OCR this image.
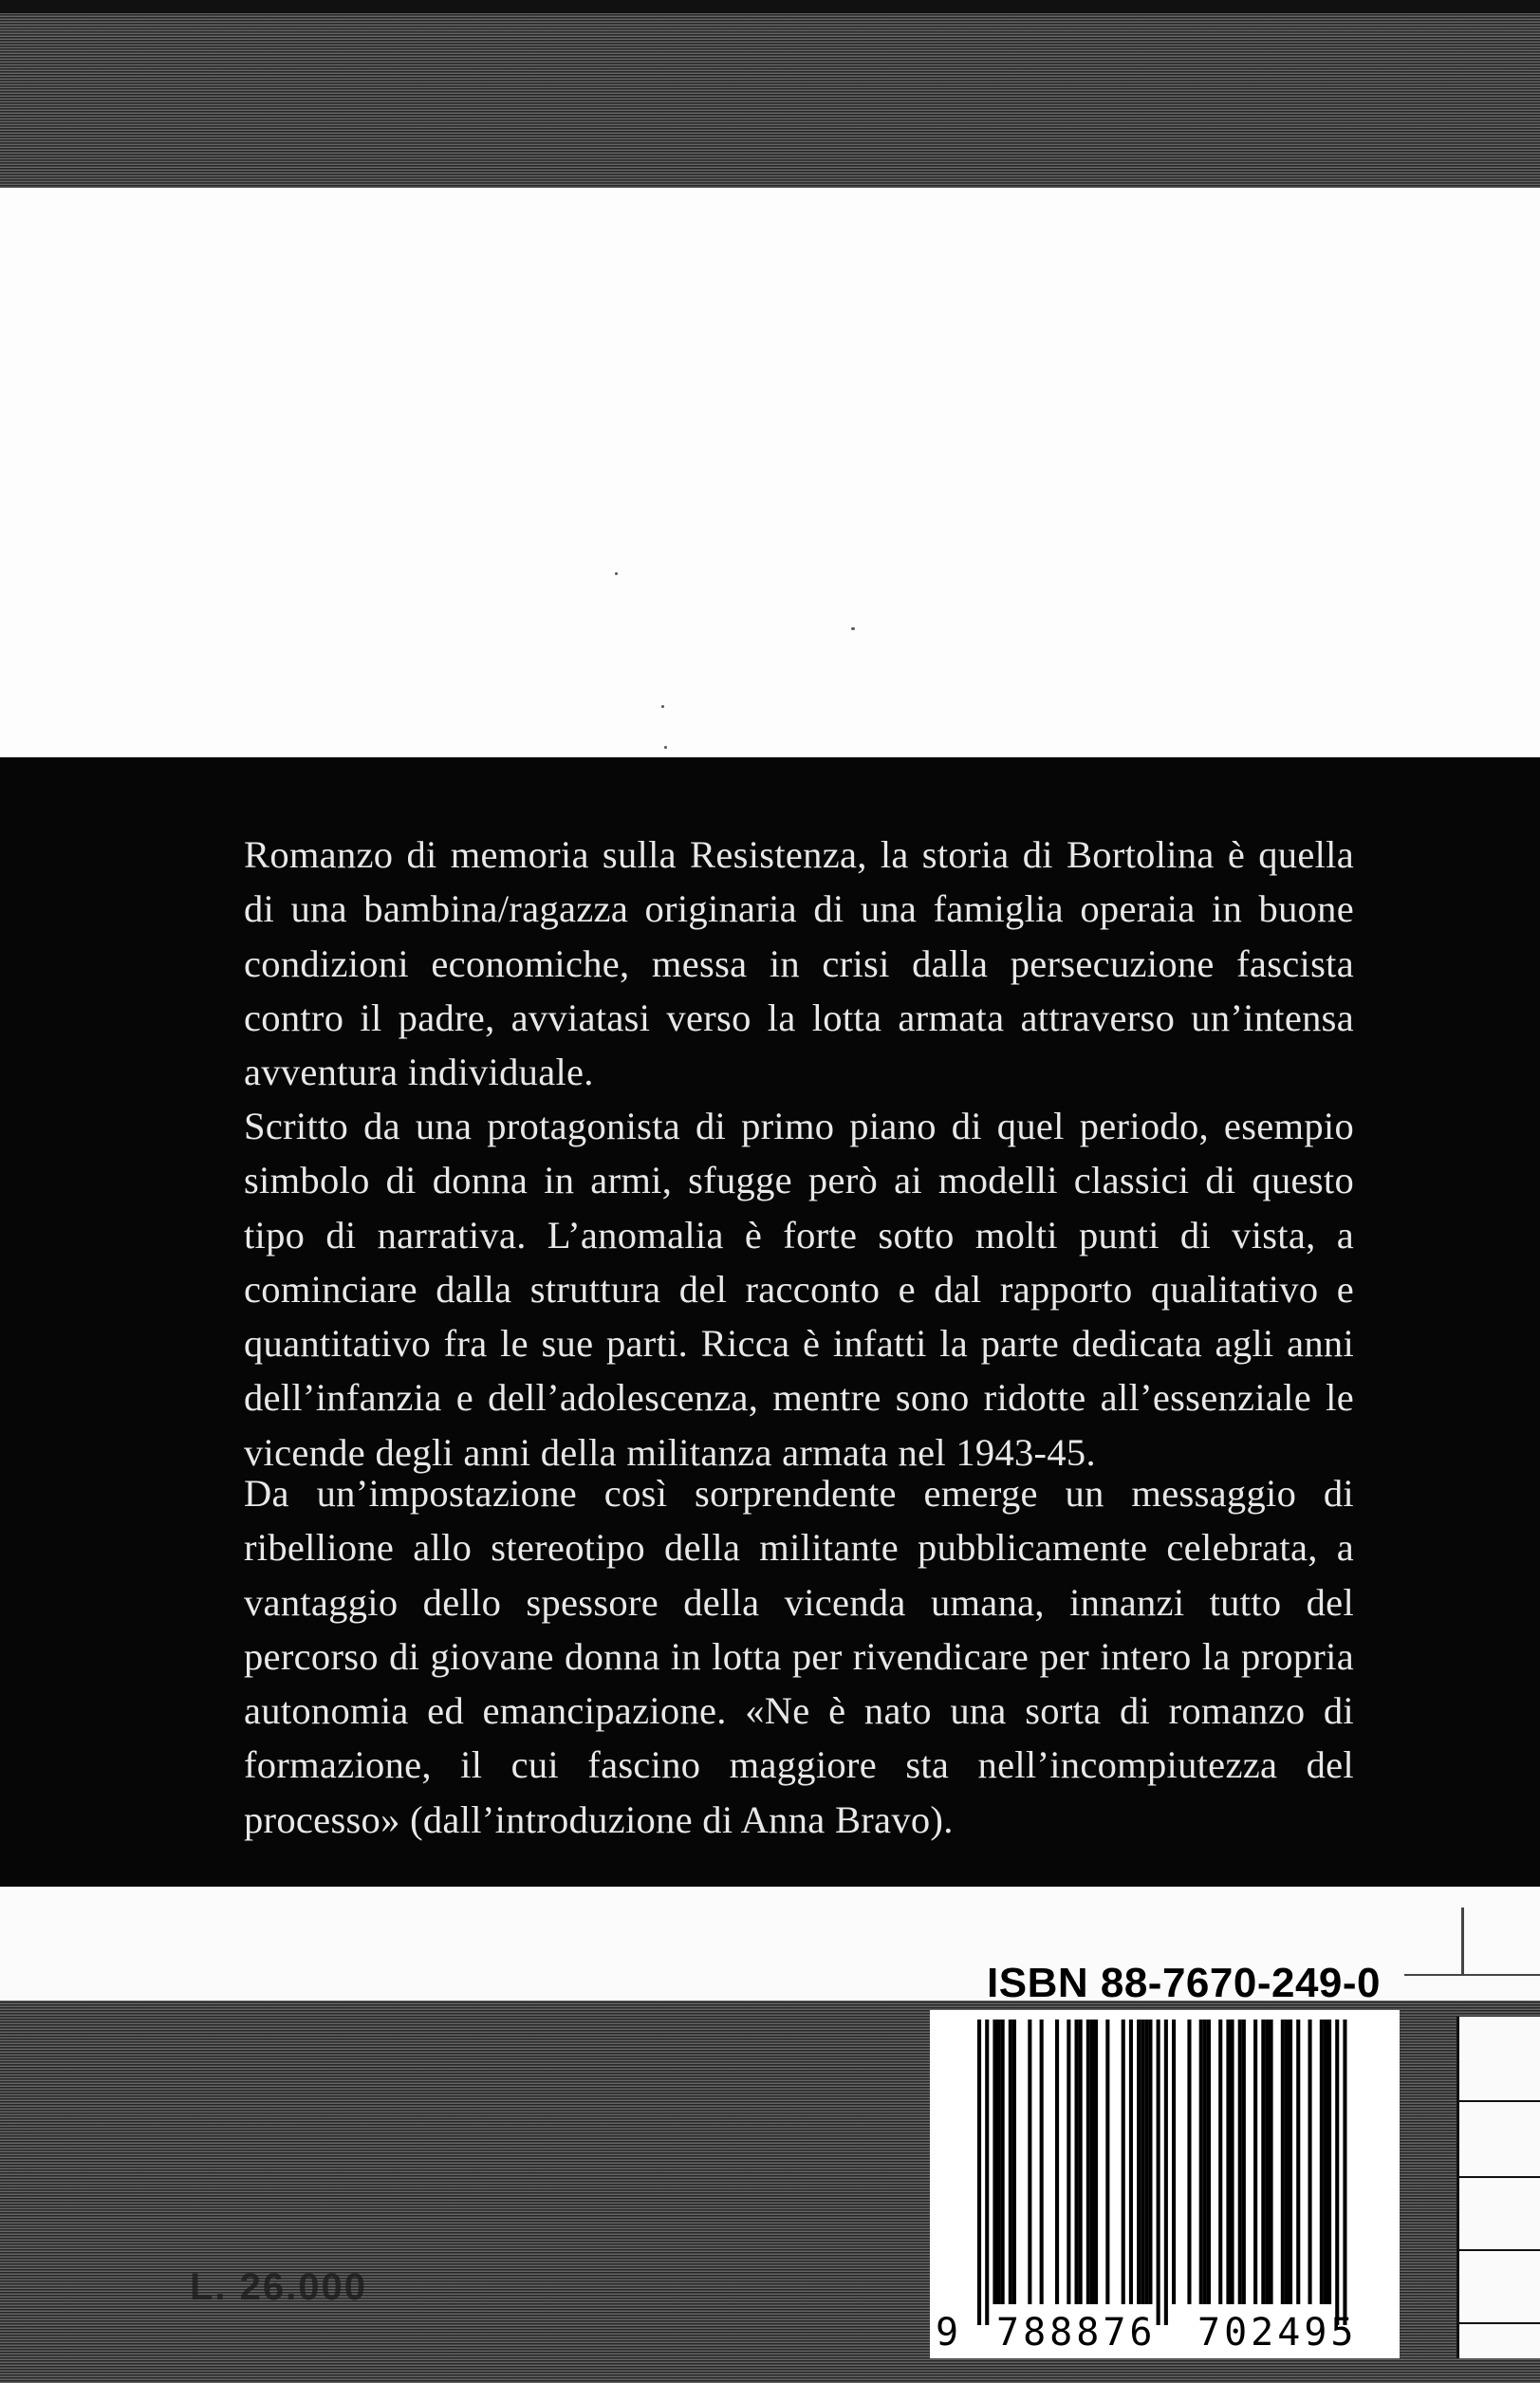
Romanzo di memoria sulla Resistenza, la storia di Bortolina è quella di una bambina/ragazza originaria di una famiglia operaia in buone condizioni economiche, messa in crisi dalla persecuzione fascista contro il padre, avviatasi verso la lotta armata attraverso un’intensa avventura individuale.

Scritto da una protagonista di primo piano di quel periodo, esempio simbolo di donna in armi, sfugge però ai modelli classici di questo tipo di narrativa. L’anomalia è forte sotto molti punti di vista, a cominciare dalla struttura del racconto e dal rapporto qualitativo e quantitativo fra le sue parti. Ricca è infatti la parte dedicata agli anni dell’infanzia e dell’adolescenza, mentre sono ridotte all’essenziale le vicende degli anni della militanza armata nel 1943-45.

Da un’impostazione così sorprendente emerge un messaggio di ribellione allo stereotipo della militante pubblicamente celebrata, a vantaggio dello spessore della vicenda umana, innanzi tutto del percorso di giovane donna in lotta per rivendicare per intero la propria autonomia ed emancipazione. «Ne è nato una sorta di romanzo di formazione, il cui fascino maggiore sta nell’incompiutezza del processo» (dall’introduzione di Anna Bravo).

ISBN 88-7670-249-0

9 788876 702495

L. 26.000
